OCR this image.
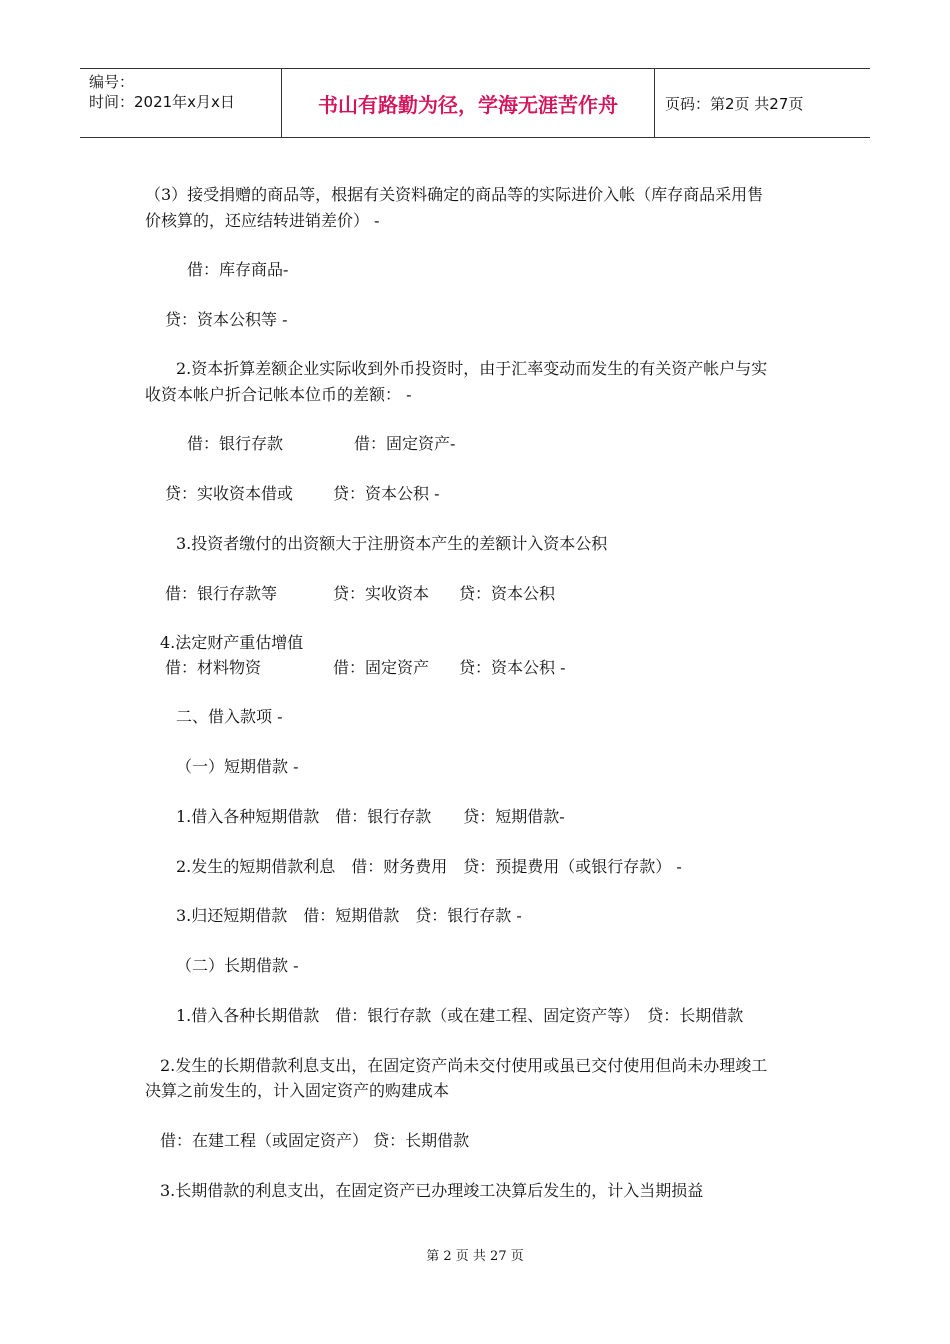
编号：
时间：2021年x月x日	书山有路勤为径，学海无涯苦作舟	页码：第2页 共27页
（3）接受捐赠的商品等，根据有关资料确定的商品等的实际进价入帐（库存商品采用售
价核算的，还应结转进销差价） -
借：库存商品-
贷：资本公积等 -
2.资本折算差额企业实际收到外币投资时，由于汇率变动而发生的有关资产帐户与实
收资本帐户折合记帐本位币的差额： -
借：银行存款	借：固定资产-
贷：实收资本借或 贷：资本公积 -
3.投资者缴付的出资额大于注册资本产生的差额计入资本公积
借：银行存款等	贷：实收资本 贷：资本公积
4.法定财产重估增值
借：材料物资	借：固定资产 贷：资本公积 -
二、借入款项 -
（一）短期借款 -
1.借入各种短期借款　借：银行存款　　贷：短期借款-
2.发生的短期借款利息　借：财务费用　贷：预提费用（或银行存款） -
3.归还短期借款　借：短期借款　贷：银行存款 -
（二）长期借款 -
1.借入各种长期借款　借：银行存款（或在建工程、固定资产等）　贷：长期借款
2.发生的长期借款利息支出，在固定资产尚未交付使用或虽已交付使用但尚未办理竣工
决算之前发生的，计入固定资产的购建成本
借：在建工程（或固定资产） 贷：长期借款
3.长期借款的利息支出，在固定资产已办理竣工决算后发生的，计入当期损益
第 2 页 共 27 页
